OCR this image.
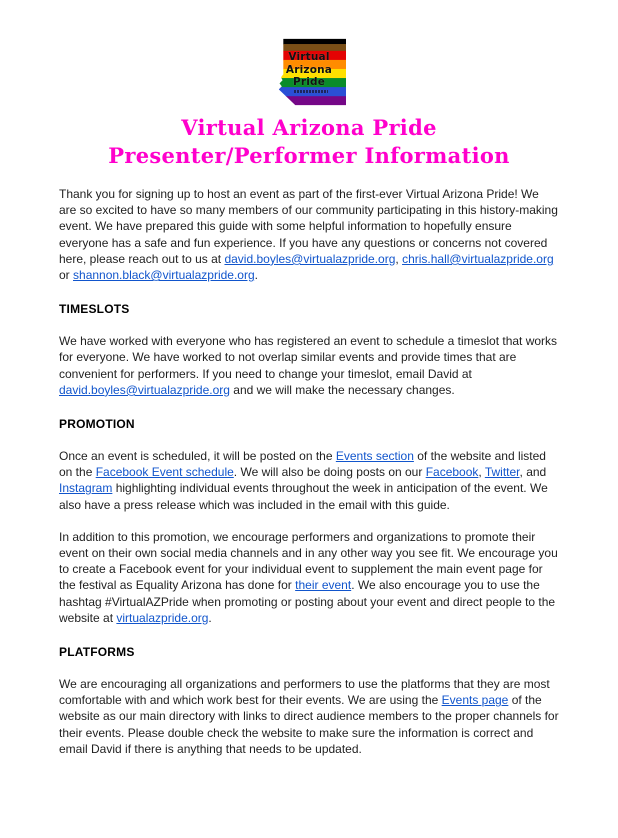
Virtual
Arizona
Pride
Virtual Arizona Pride
Presenter/Performer Information

Thank you for signing up to host an event as part of the first-ever Virtual Arizona Pride! We are so excited to have so many members of our community participating in this history-making event. We have prepared this guide with some helpful information to hopefully ensure everyone has a safe and fun experience. If you have any questions or concerns not covered here, please reach out to us at david.boyles@virtualazpride.org, chris.hall@virtualazpride.org or shannon.black@virtualazpride.org.

TIMESLOTS

We have worked with everyone who has registered an event to schedule a timeslot that works for everyone. We have worked to not overlap similar events and provide times that are convenient for performers. If you need to change your timeslot, email David at david.boyles@virtualazpride.org and we will make the necessary changes.

PROMOTION

Once an event is scheduled, it will be posted on the Events section of the website and listed on the Facebook Event schedule. We will also be doing posts on our Facebook, Twitter, and Instagram highlighting individual events throughout the week in anticipation of the event. We also have a press release which was included in the email with this guide.

In addition to this promotion, we encourage performers and organizations to promote their event on their own social media channels and in any other way you see fit. We encourage you to create a Facebook event for your individual event to supplement the main event page for the festival as Equality Arizona has done for their event. We also encourage you to use the hashtag #VirtualAZPride when promoting or posting about your event and direct people to the website at virtualazpride.org.

PLATFORMS

We are encouraging all organizations and performers to use the platforms that they are most comfortable with and which work best for their events. We are using the Events page of the website as our main directory with links to direct audience members to the proper channels for their events. Please double check the website to make sure the information is correct and email David if there is anything that needs to be updated.
